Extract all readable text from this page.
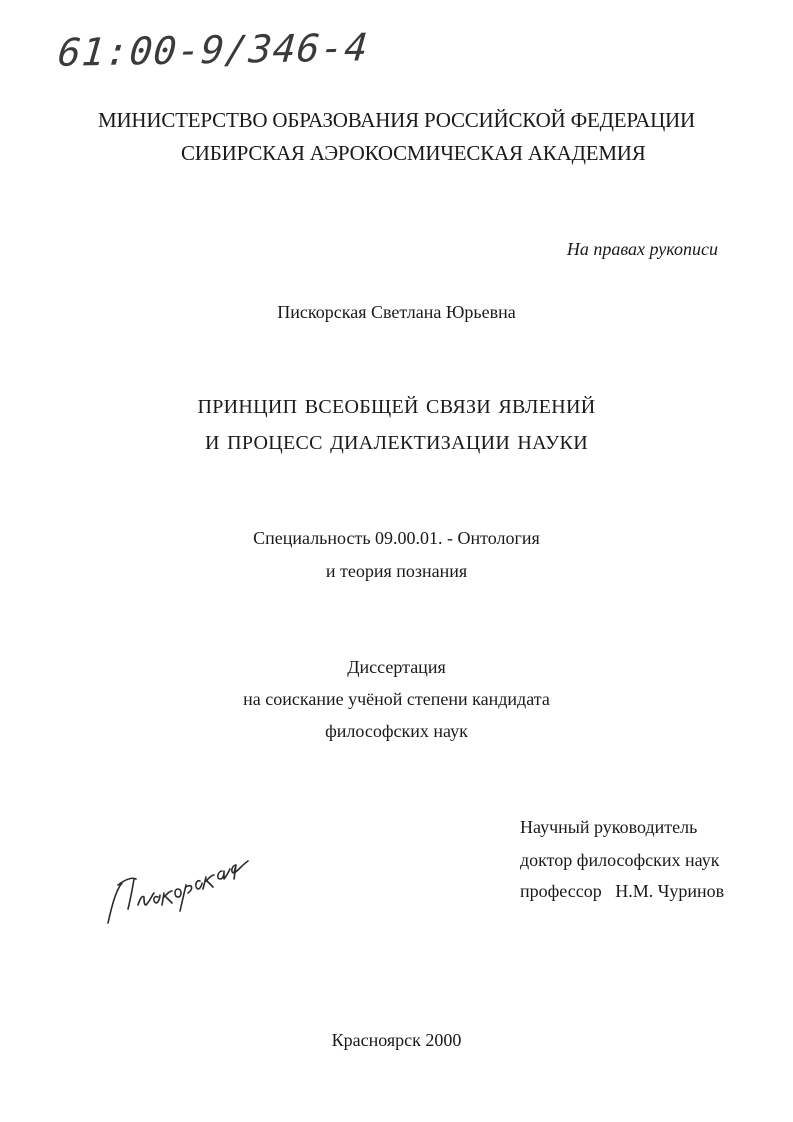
61:00-9/346-4
МИНИСТЕРСТВО ОБРАЗОВАНИЯ РОССИЙСКОЙ ФЕДЕРАЦИИ
СИБИРСКАЯ АЭРОКОСМИЧЕСКАЯ АКАДЕМИЯ
На правах рукописи
Пискорская Светлана Юрьевна
ПРИНЦИП ВСЕОБЩЕЙ СВЯЗИ ЯВЛЕНИЙ
И ПРОЦЕСС ДИАЛЕКТИЗАЦИИ НАУКИ
Специальность 09.00.01. - Онтология
и теория познания
Диссертация
на соискание учёной степени кандидата
философских наук
Научный руководитель
доктор философских наук
профессор   Н.М. Чуринов
Красноярск 2000
